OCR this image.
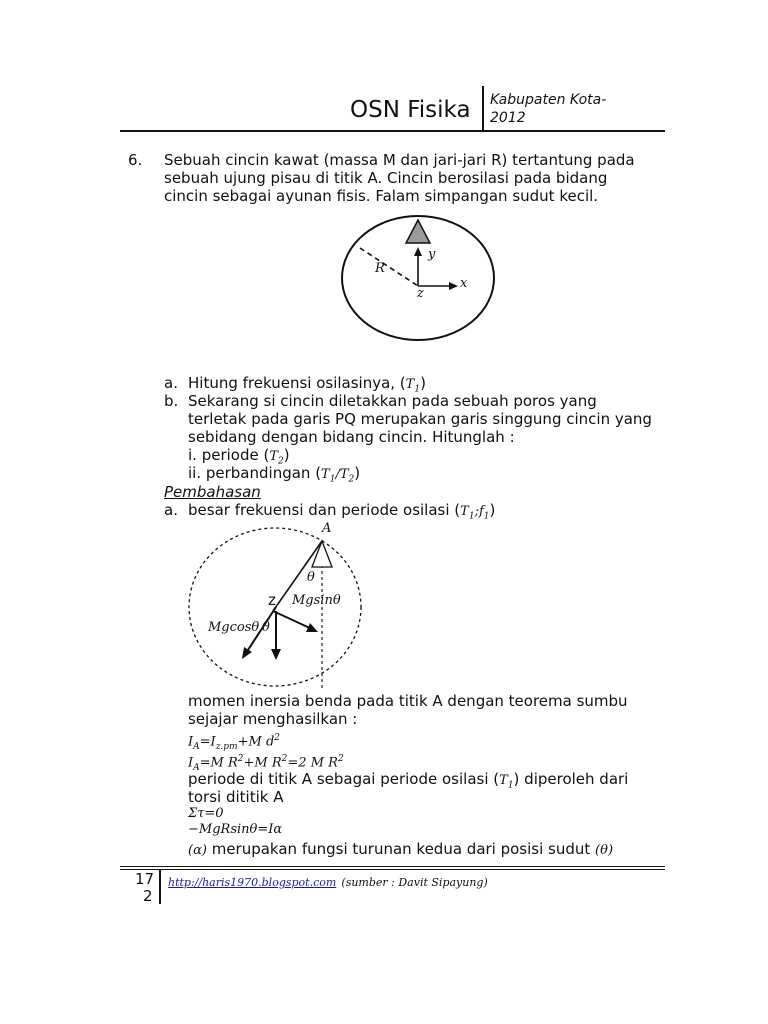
OSN Fisika Kabupaten Kota-
2012
6. Sebuah cincin kawat (massa M dan jari-jari R) tertantung pada
sebuah ujung pisau di titik A. Cincin berosilasi pada bidang
cincin sebagai ayunan fisis. Falam simpangan sudut kecil.
R
y
x
z
a. Hitung frekuensi osilasinya, $(T_1)$
b. Sekarang si cincin diletakkan pada sebuah poros yang
terletak pada garis PQ merupakan garis singgung cincin yang
sebidang dengan bidang cincin. Hitunglah :
i. periode $(T_2)$
ii. perbandingan $(T_1/T_2)$
Pembahasan
a. besar frekuensi dan periode osilasi $(T_1;f_1)$
A
θ
z Mgsinθ
Mgcosθ θ
momen inersia benda pada titik A dengan teorema sumbu
sejajar menghasilkan :
$I_A=I_{z.pm}+M$ $d^2$
$I_A=M$ $R^2+M$ $R^2=2$ M $R^2$
periode di titik A sebagai periode osilasi $(T_1)$ diperoleh dari
torsi dititik A
Στ=0
−MgRsinθ=Iα
(α) merupakan fungsi turunan kedua dari posisi sudut (θ)
17
2
http://haris1970.blogspot.com (sumber : Davit Sipayung)
